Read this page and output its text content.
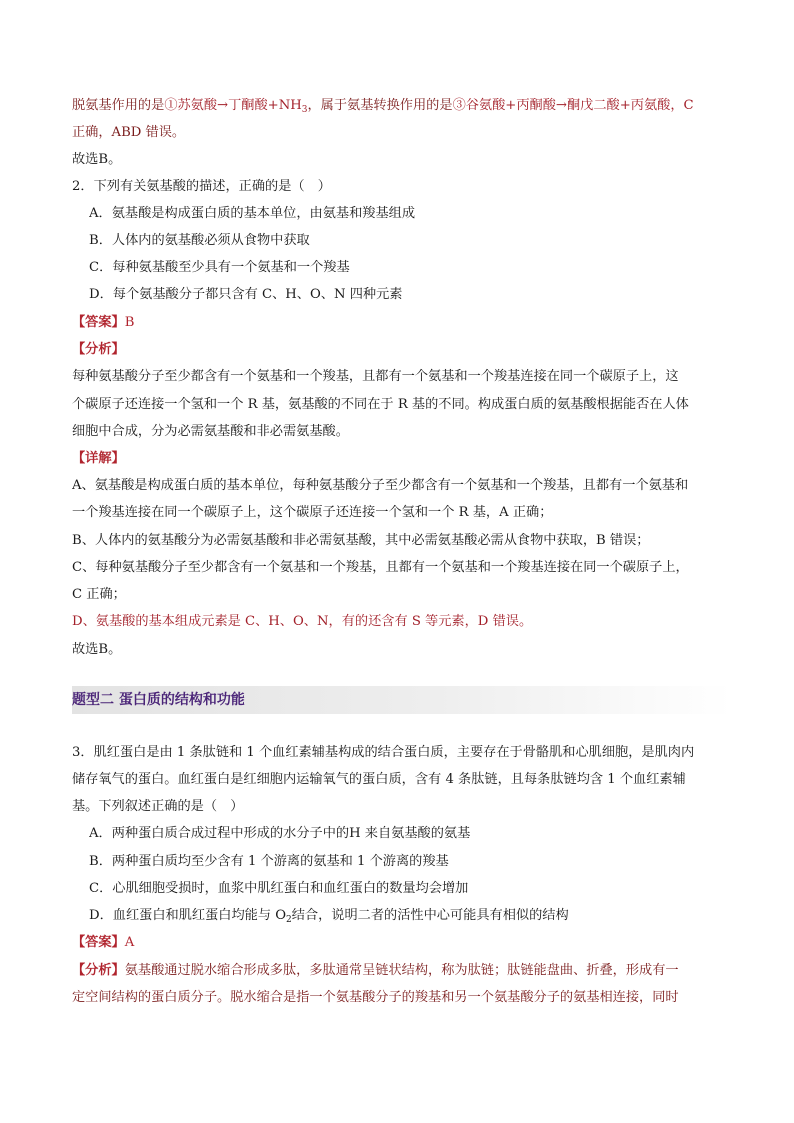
脱氨基作用的是①苏氨酸→丁酮酸$+NH_3$，属于氨基转换作用的是③谷氨酸+丙酮酸→酮戊二酸+丙氨酸，C
正确，ABD 错误。
故选B。
2．下列有关氨基酸的描述，正确的是（　）
A．氨基酸是构成蛋白质的基本单位，由氨基和羧基组成
B．人体内的氨基酸必须从食物中获取
C．每种氨基酸至少具有一个氨基和一个羧基
D．每个氨基酸分子都只含有 C、H、O、N 四种元素
【答案】B
【分析】
每种氨基酸分子至少都含有一个氨基和一个羧基，且都有一个氨基和一个羧基连接在同一个碳原子上，这
个碳原子还连接一个氢和一个 R 基，氨基酸的不同在于 R 基的不同。构成蛋白质的氨基酸根据能否在人体
细胞中合成，分为必需氨基酸和非必需氨基酸。
【详解】
A、氨基酸是构成蛋白质的基本单位，每种氨基酸分子至少都含有一个氨基和一个羧基，且都有一个氨基和
一个羧基连接在同一个碳原子上，这个碳原子还连接一个氢和一个 R 基，A 正确；
B、人体内的氨基酸分为必需氨基酸和非必需氨基酸，其中必需氨基酸必需从食物中获取，B 错误；
C、每种氨基酸分子至少都含有一个氨基和一个羧基，且都有一个氨基和一个羧基连接在同一个碳原子上，
C 正确；
D、氨基酸的基本组成元素是 C、H、O、N，有的还含有 S 等元素，D 错误。
故选B。
题型二 蛋白质的结构和功能
3．肌红蛋白是由 1 条肽链和 1 个血红素辅基构成的结合蛋白质，主要存在于骨骼肌和心肌细胞，是肌肉内
储存氧气的蛋白。血红蛋白是红细胞内运输氧气的蛋白质，含有 4 条肽链，且每条肽链均含 1 个血红素辅
基。下列叙述正确的是（　）
A．两种蛋白质合成过程中形成的水分子中的H 来自氨基酸的氨基
B．两种蛋白质均至少含有 1 个游离的氨基和 1 个游离的羧基
C．心肌细胞受损时，血浆中肌红蛋白和血红蛋白的数量均会增加
D．血红蛋白和肌红蛋白均能与 $O_2$结合，说明二者的活性中心可能具有相似的结构
【答案】A
【分析】氨基酸通过脱水缩合形成多肽，多肽通常呈链状结构，称为肽链；肽链能盘曲、折叠，形成有一
定空间结构的蛋白质分子。脱水缩合是指一个氨基酸分子的羧基和另一个氨基酸分子的氨基相连接，同时
